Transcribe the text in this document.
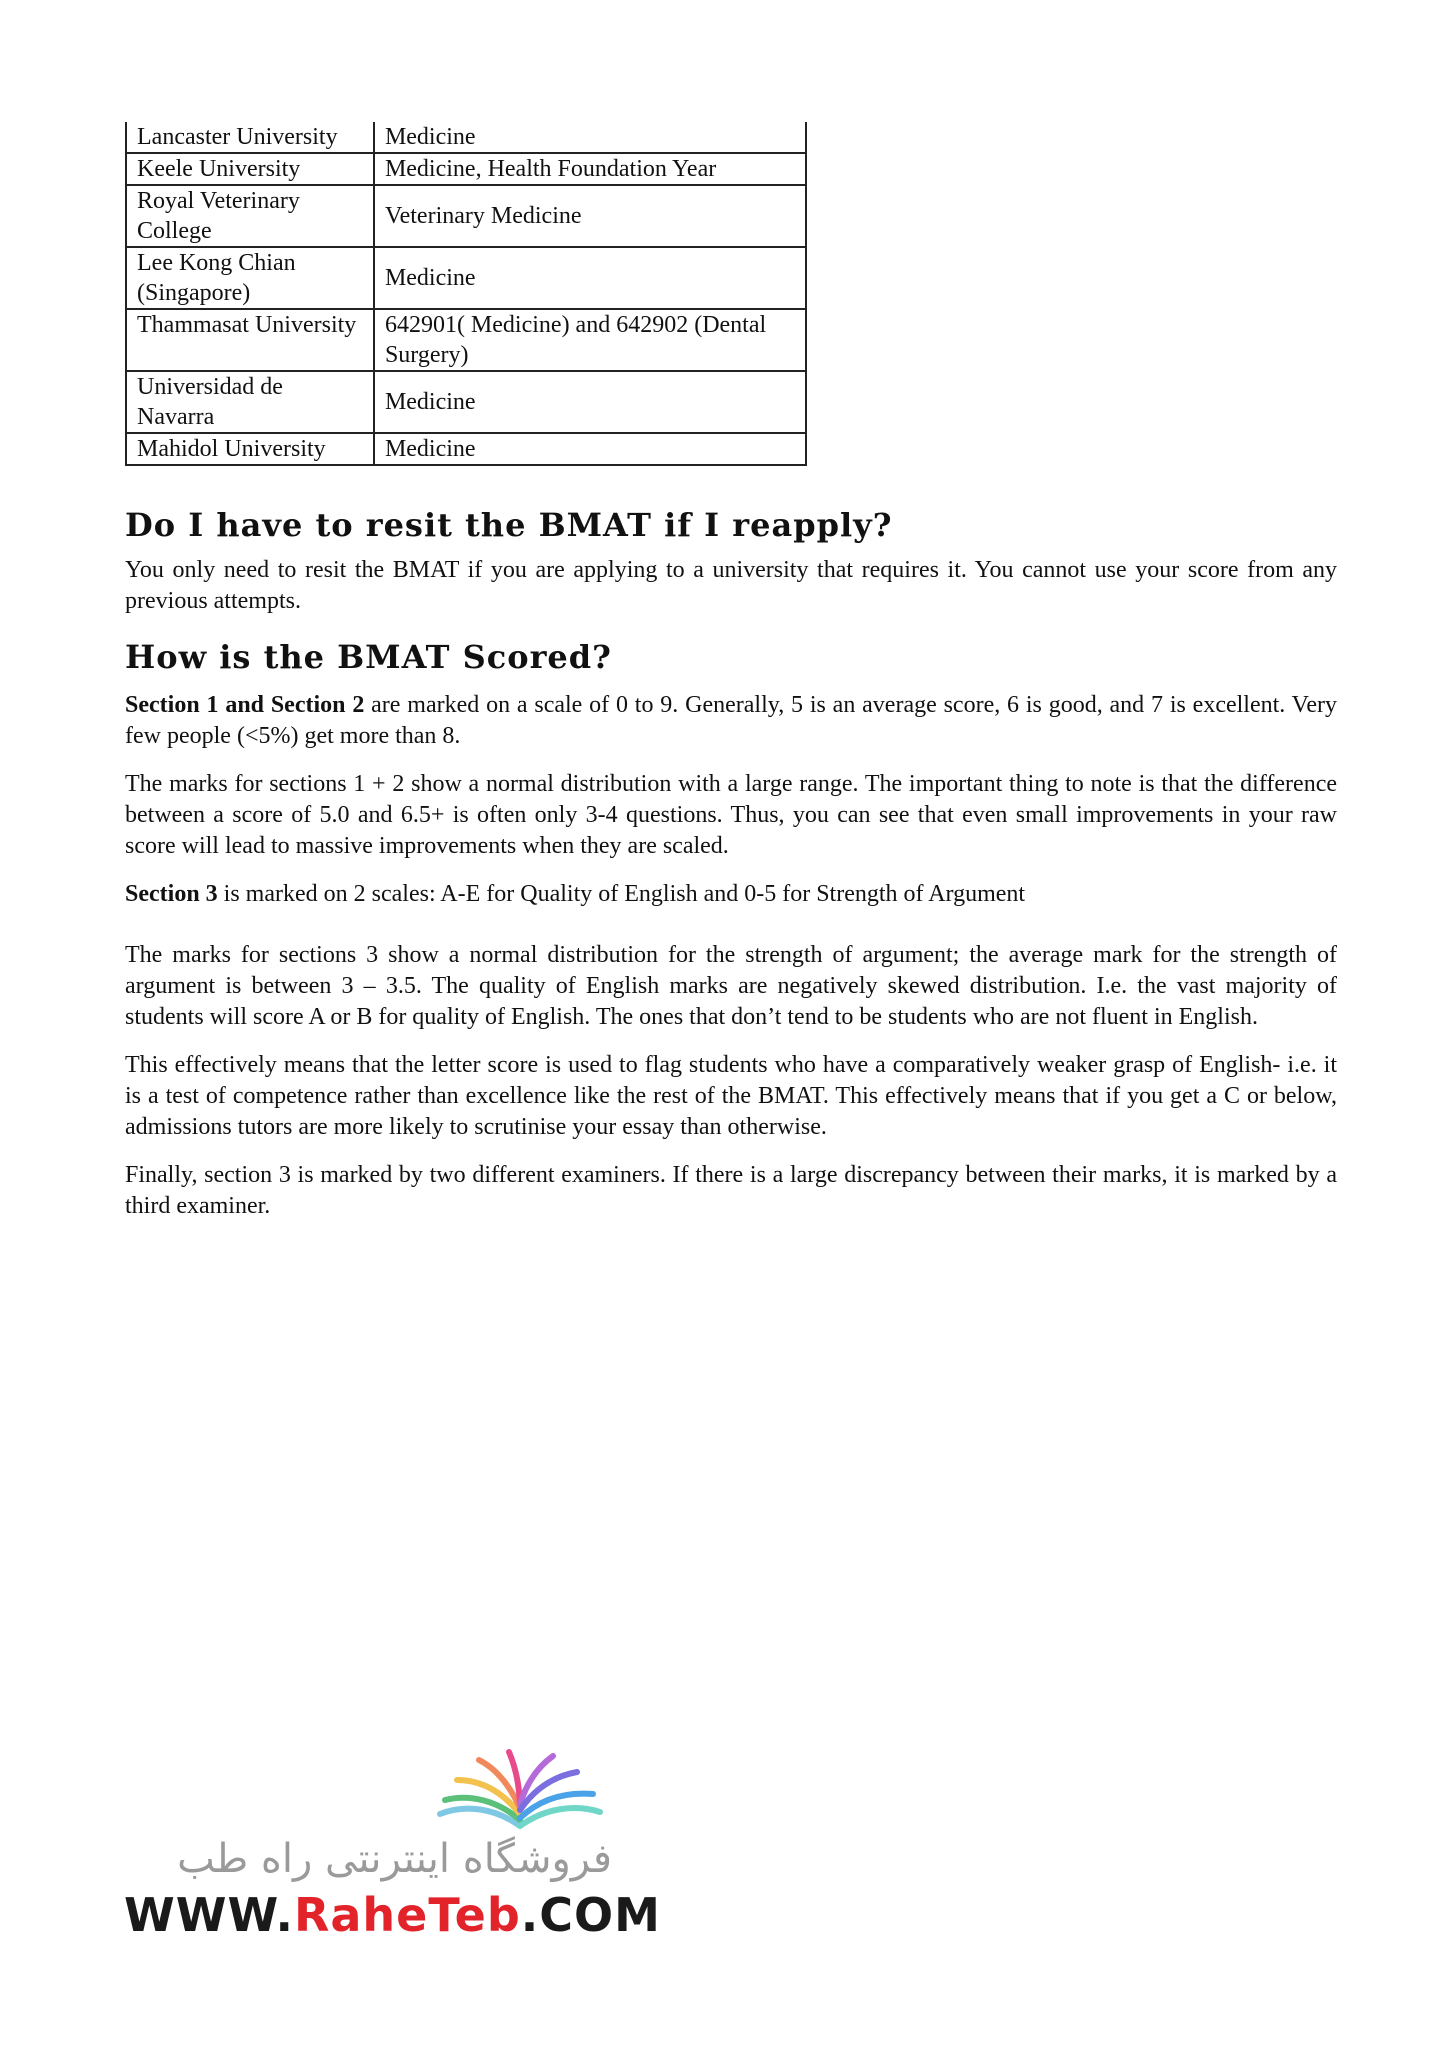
Lancaster University	Medicine
Keele University	Medicine, Health Foundation Year
Royal Veterinary College	Veterinary Medicine
Lee Kong Chian (Singapore)	Medicine
Thammasat University	642901( Medicine) and 642902 (Dental Surgery)
Universidad de Navarra	Medicine
Mahidol University	Medicine
Do I have to resit the BMAT if I reapply?

You only need to resit the BMAT if you are applying to a university that requires it. You cannot use your score from any previous attempts.

How is the BMAT Scored?

Section 1 and Section 2 are marked on a scale of 0 to 9. Generally, 5 is an average score, 6 is good, and 7 is excellent. Very few people (<5%) get more than 8.

The marks for sections 1 + 2 show a normal distribution with a large range. The important thing to note is that the difference between a score of 5.0 and 6.5+ is often only 3-4 questions. Thus, you can see that even small improvements in your raw score will lead to massive improvements when they are scaled.

Section 3 is marked on 2 scales: A-E for Quality of English and 0-5 for Strength of Argument

The marks for sections 3 show a normal distribution for the strength of argument; the average mark for the strength of argument is between 3 – 3.5. The quality of English marks are negatively skewed distribution. I.e. the vast majority of students will score A or B for quality of English. The ones that don’t tend to be students who are not fluent in English.

This effectively means that the letter score is used to flag students who have a comparatively weaker grasp of English- i.e. it is a test of competence rather than excellence like the rest of the BMAT. This effectively means that if you get a C or below, admissions tutors are more likely to scrutinise your essay than otherwise.

Finally, section 3 is marked by two different examiners. If there is a large discrepancy between their marks, it is marked by a third examiner.

فروشگاه اینترنتی راه طب
WWW.RaheTeb.COM
